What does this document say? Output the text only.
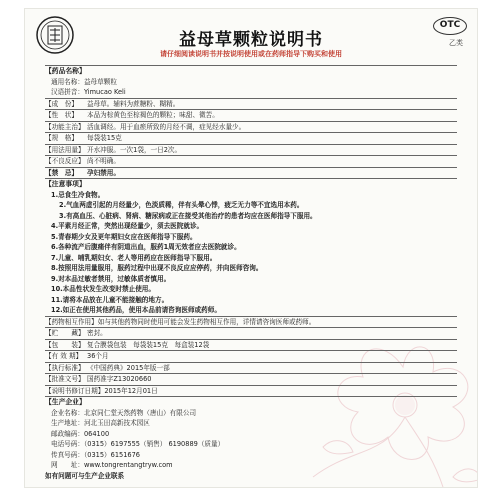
OTC
乙类
益母草颗粒说明书
请仔细阅读说明书并按说明使用或在药师指导下购买和使用
【药品名称】
通用名称：益母草颗粒
汉语拼音：Yimucao Keli
【成　份】 益母草。辅料为蔗糖粉、糊精。
【性　状】 本品为棕黄色至棕褐色的颗粒；味甜、微苦。
【功能主治】 活血调经。用于血瘀所致的月经不调，症见经水量少。
【规　格】 每袋装15克
【用法用量】 开水冲服。一次1袋，一日2次。
【不良反应】 尚不明确。
【禁　忌】 孕妇禁用。
【注意事项】
1.忌食生冷食物。
2.气血两虚引起的月经量少，色淡质稀，伴有头晕心悸，疲乏无力等不宜选用本药。
3.有高血压、心脏病、肾病、糖尿病或正在接受其他治疗的患者均应在医师指导下服用。
4.平素月经正常，突然出现经量少，须去医院就诊。
5.青春期少女及更年期妇女应在医师指导下服药。
6.各种流产后腹痛伴有阴道出血，服药1周无效者应去医院就诊。
7.儿童、哺乳期妇女、老人等用药应在医师指导下服用。
8.按照用法用量服用，服药过程中出现不良反应应停药，并向医师咨询。
9.对本品过敏者禁用，过敏体质者慎用。
10.本品性状发生改变时禁止使用。
11.请将本品放在儿童不能接触的地方。
12.如正在使用其他药品，使用本品前请咨询医师或药师。
【药物相互作用】如与其他药物同时使用可能会发生药物相互作用，详情请咨询医师或药师。
【贮　　藏】 密封。
【包　　装】 复合膜袋包装　每袋装15克　每盒装12袋
【有 效 期】 36个月
【执行标准】 《中国药典》2015年版一部
【批准文号】 国药准字Z13020660
【说明书修订日期】2015年12月01日
【生产企业】
企业名称：北京同仁堂天然药物（唐山）有限公司
生产地址：河北玉田高新技术园区
邮政编码：064100
电话号码：（0315）6197555（销售） 6190889（质量）
传真号码：（0315）6151676
网　　址：www.tongrentangtryw.com
如有问题可与生产企业联系
